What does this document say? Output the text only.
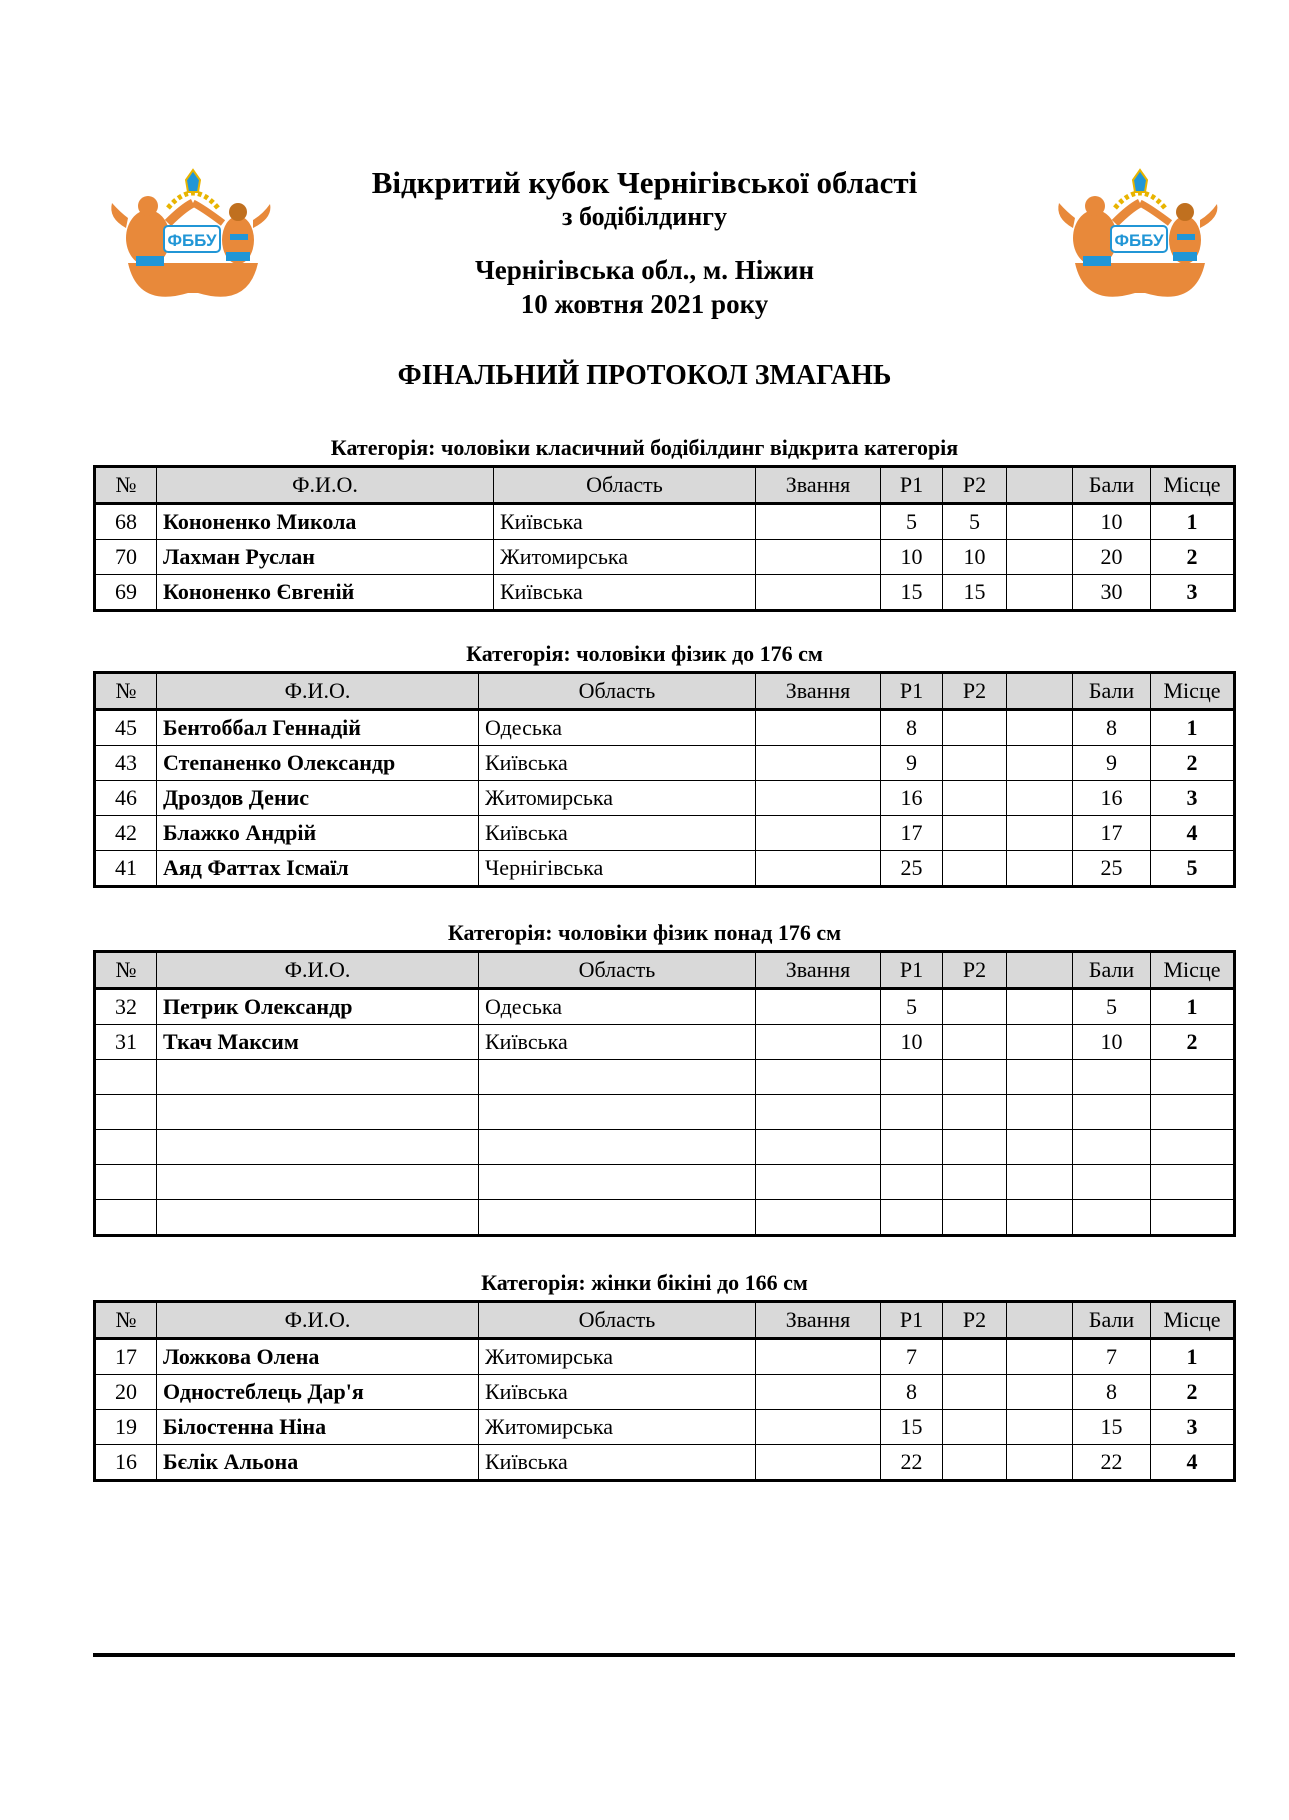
ФББУ	ФББУ
Відкритий кубок Чернігівської області
з бодібілдингу
Чернігівська обл., м. Ніжин
10 жовтня 2021 року
ФІНАЛЬНИЙ ПРОТОКОЛ ЗМАГАНЬ
Категорія: чоловіки класичний бодібілдинг відкрита категорія
№	Ф.И.О.	Область	Звання	P1	P2		Бали	Місце
68	Кононенко Микола	Київська		5	5		10	1
70	Лахман Руслан	Житомирська		10	10		20	2
69	Кононенко Євгеній	Київська		15	15		30	3
Категорія: чоловіки фізик до 176 см
№	Ф.И.О.	Область	Звання	P1	P2		Бали	Місце
45	Бентоббал Геннадій	Одеська		8			8	1
43	Степаненко Олександр	Київська		9			9	2
46	Дроздов Денис	Житомирська		16			16	3
42	Блажко Андрій	Київська		17			17	4
41	Аяд Фаттах Ісмаїл	Чернігівська		25			25	5
Категорія: чоловіки фізик понад 176 см
№	Ф.И.О.	Область	Звання	P1	P2		Бали	Місце
32	Петрик Олександр	Одеська		5			5	1
31	Ткач Максим	Київська		10			10	2

Категорія: жінки бікіні до 166 см
№	Ф.И.О.	Область	Звання	P1	P2		Бали	Місце
17	Ложкова Олена	Житомирська		7			7	1
20	Одностеблець Дар'я	Київська		8			8	2
19	Білостенна Ніна	Житомирська		15			15	3
16	Бєлік Альона	Київська		22			22	4
